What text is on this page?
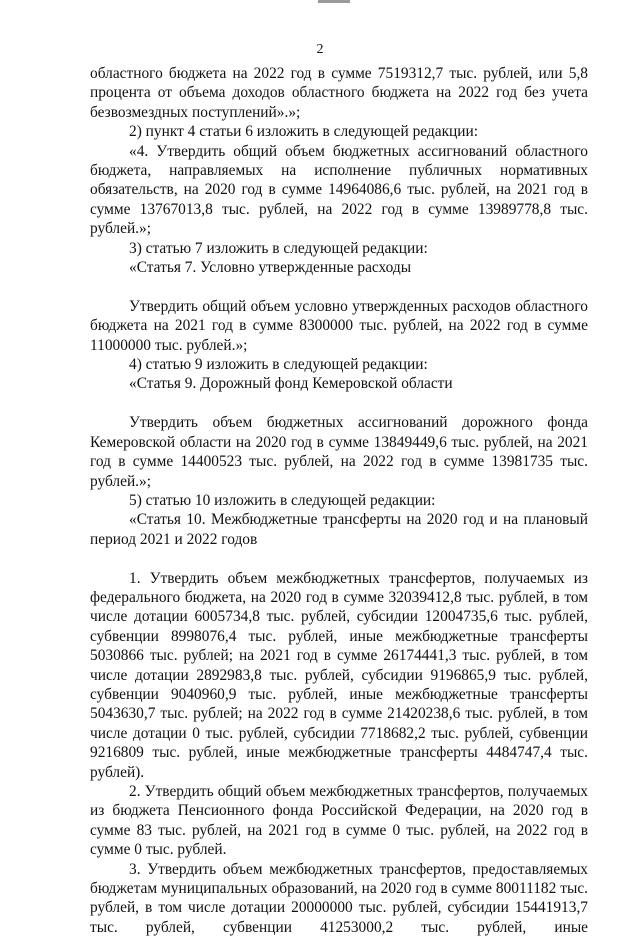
2

областного бюджета на 2022 год в сумме 7519312,7 тыс. рублей, или 5,8 процента от объема доходов областного бюджета на 2022 год без учета безвозмездных поступлений».»;

2) пункт 4 статьи 6 изложить в следующей редакции:

«4. Утвердить общий объем бюджетных ассигнований областного бюджета, направляемых на исполнение публичных нормативных обязательств, на 2020 год в сумме 14964086,6 тыс. рублей, на 2021 год в сумме 13767013,8 тыс. рублей, на 2022 год в сумме 13989778,8 тыс. рублей.»;

3) статью 7 изложить в следующей редакции:

«Статья 7. Условно утвержденные расходы

Утвердить общий объем условно утвержденных расходов областного бюджета на 2021 год в сумме 8300000 тыс. рублей, на 2022 год в сумме 11000000 тыс. рублей.»;

4) статью 9 изложить в следующей редакции:

«Статья 9. Дорожный фонд Кемеровской области

Утвердить объем бюджетных ассигнований дорожного фонда Кемеровской области на 2020 год в сумме 13849449,6 тыс. рублей, на 2021 год в сумме 14400523 тыс. рублей, на 2022 год в сумме 13981735 тыс. рублей.»;

5) статью 10 изложить в следующей редакции:

«Статья 10. Межбюджетные трансферты на 2020 год и на плановый период 2021 и 2022 годов

1. Утвердить объем межбюджетных трансфертов, получаемых из федерального бюджета, на 2020 год в сумме 32039412,8 тыс. рублей, в том числе дотации 6005734,8 тыс. рублей, субсидии 12004735,6 тыс. рублей, субвенции 8998076,4 тыс. рублей, иные межбюджетные трансферты 5030866 тыс. рублей; на 2021 год в сумме 26174441,3 тыс. рублей, в том числе дотации 2892983,8 тыс. рублей, субсидии 9196865,9 тыс. рублей, субвенции 9040960,9 тыс. рублей, иные межбюджетные трансферты 5043630,7 тыс. рублей; на 2022 год в сумме 21420238,6 тыс. рублей, в том числе дотации 0 тыс. рублей, субсидии 7718682,2 тыс. рублей, субвенции 9216809 тыс. рублей, иные межбюджетные трансферты 4484747,4 тыс. рублей).

2. Утвердить общий объем межбюджетных трансфертов, получаемых из бюджета Пенсионного фонда Российской Федерации, на 2020 год в сумме 83 тыс. рублей, на 2021 год в сумме 0 тыс. рублей, на 2022 год в сумме 0 тыс. рублей.

3. Утвердить объем межбюджетных трансфертов, предоставляемых бюджетам муниципальных образований, на 2020 год в сумме 80011182 тыс. рублей, в том числе дотации 20000000 тыс. рублей, субсидии 15441913,7 тыс. рублей, субвенции 41253000,2 тыс. рублей, иные
